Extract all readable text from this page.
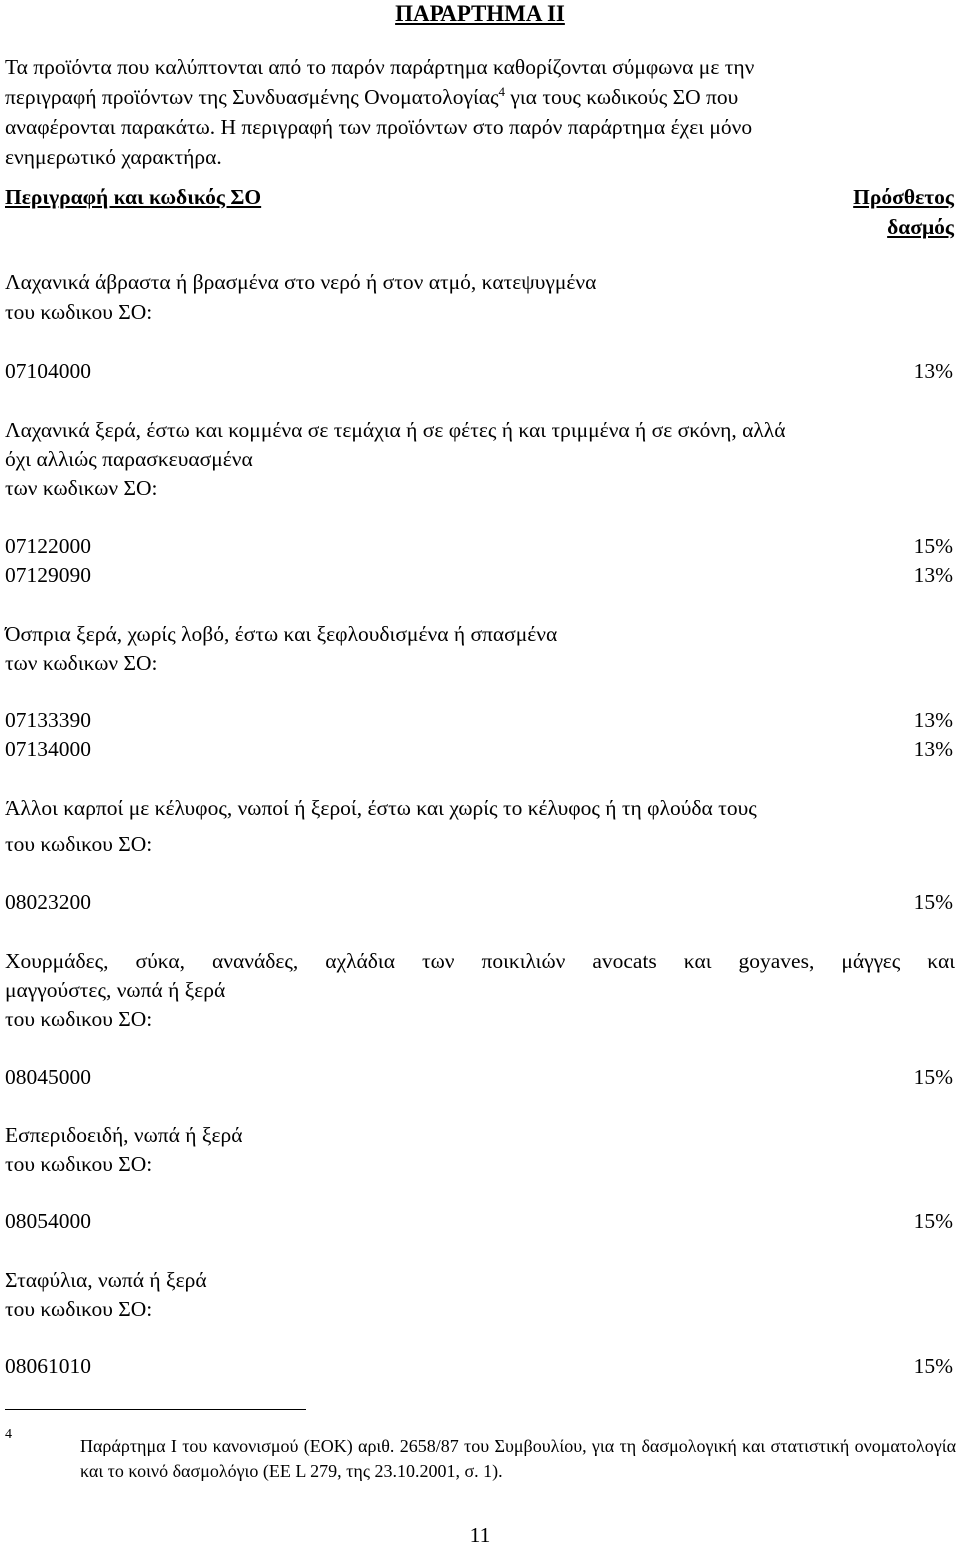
ΠΑΡΑΡΤΗΜΑ ΙΙ

Τα προϊόντα που καλύπτονται από το παρόν παράρτημα καθορίζονται σύμφωνα με την

περιγραφή προϊόντων της Συνδυασμένης Ονοματολογίας$^4$ για τους κωδικούς ΣΟ που

αναφέρονται παρακάτω. Η περιγραφή των προϊόντων στο παρόν παράρτημα έχει μόνο

ενημερωτικό χαρακτήρα.

Περιγραφή και κωδικός ΣΟ	Πρόσθετος
δασμός
Λαχανικά άβραστα ή βρασμένα στο νερό ή στον ατμό, κατεψυγμένα
του κωδικου ΣΟ:
07104000	13%
Λαχανικά ξερά, έστω και κομμένα σε τεμάχια ή σε φέτες ή και τριμμένα ή σε σκόνη, αλλά
όχι αλλιώς παρασκευασμένα
των κωδικων ΣΟ:
07122000	15%
07129090	13%
Όσπρια ξερά, χωρίς λοβό, έστω και ξεφλουδισμένα ή σπασμένα
των κωδικων ΣΟ:
07133390	13%
07134000	13%
Άλλοι καρποί με κέλυφος, νωποί ή ξεροί, έστω και χωρίς το κέλυφος ή τη φλούδα τους
του κωδικου ΣΟ:
08023200	15%
Χουρμάδες, σύκα, ανανάδες, αχλάδια των ποικιλιών avocats και goyaves, μάγγες και
μαγγούστες, νωπά ή ξερά
του κωδικου ΣΟ:
08045000	15%
Εσπεριδοειδή, νωπά ή ξερά
του κωδικου ΣΟ:
08054000	15%
Σταφύλια, νωπά ή ξερά
του κωδικου ΣΟ:
08061010	15%
4
Παράρτημα Ι του κανονισμού (ΕΟΚ) αριθ. 2658/87 του Συμβουλίου, για τη δασμολογική και στατιστική ονοματολογία και το κοινό δασμολόγιο (ΕΕ L 279, της 23.10.2001, σ. 1).
11
